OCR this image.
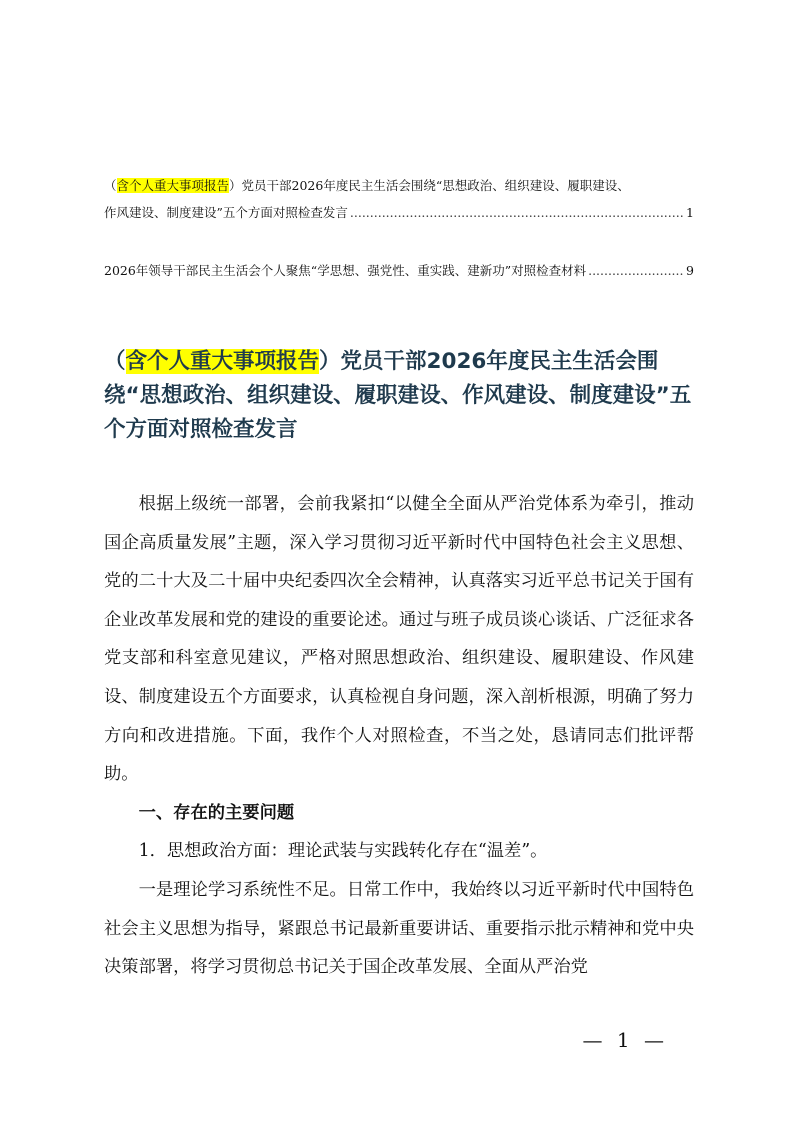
（含个人重大事项报告）党员干部2026年度民主生活会围绕“思想政治、组织建设、履职建设、
作风建设、制度建设”五个方面对照检查发言 .....	1
2026年领导干部民主生活会个人聚焦“学思想、强党性、重实践、建新功”对照检查材料 .....	9
（含个人重大事项报告）党员干部2026年度民主生活会围绕“思想政治、组织建设、履职建设、作风建设、制度建设”五个方面对照检查发言

根据上级统一部署，会前我紧扣“以健全全面从严治党体系为牵引，推动国企高质量发展”主题，深入学习贯彻习近平新时代中国特色社会主义思想、党的二十大及二十届中央纪委四次全会精神，认真落实习近平总书记关于国有企业改革发展和党的建设的重要论述。通过与班子成员谈心谈话、广泛征求各党支部和科室意见建议，严格对照思想政治、组织建设、履职建设、作风建设、制度建设五个方面要求，认真检视自身问题，深入剖析根源，明确了努力方向和改进措施。下面，我作个人对照检查，不当之处，恳请同志们批评帮助。

一、存在的主要问题

1．思想政治方面：理论武装与实践转化存在“温差”。

一是理论学习系统性不足。日常工作中，我始终以习近平新时代中国特色社会主义思想为指导，紧跟总书记最新重要讲话、重要指示批示精神和党中央决策部署，将学习贯彻总书记关于国企改革发展、全面从严治党

— 1 —
